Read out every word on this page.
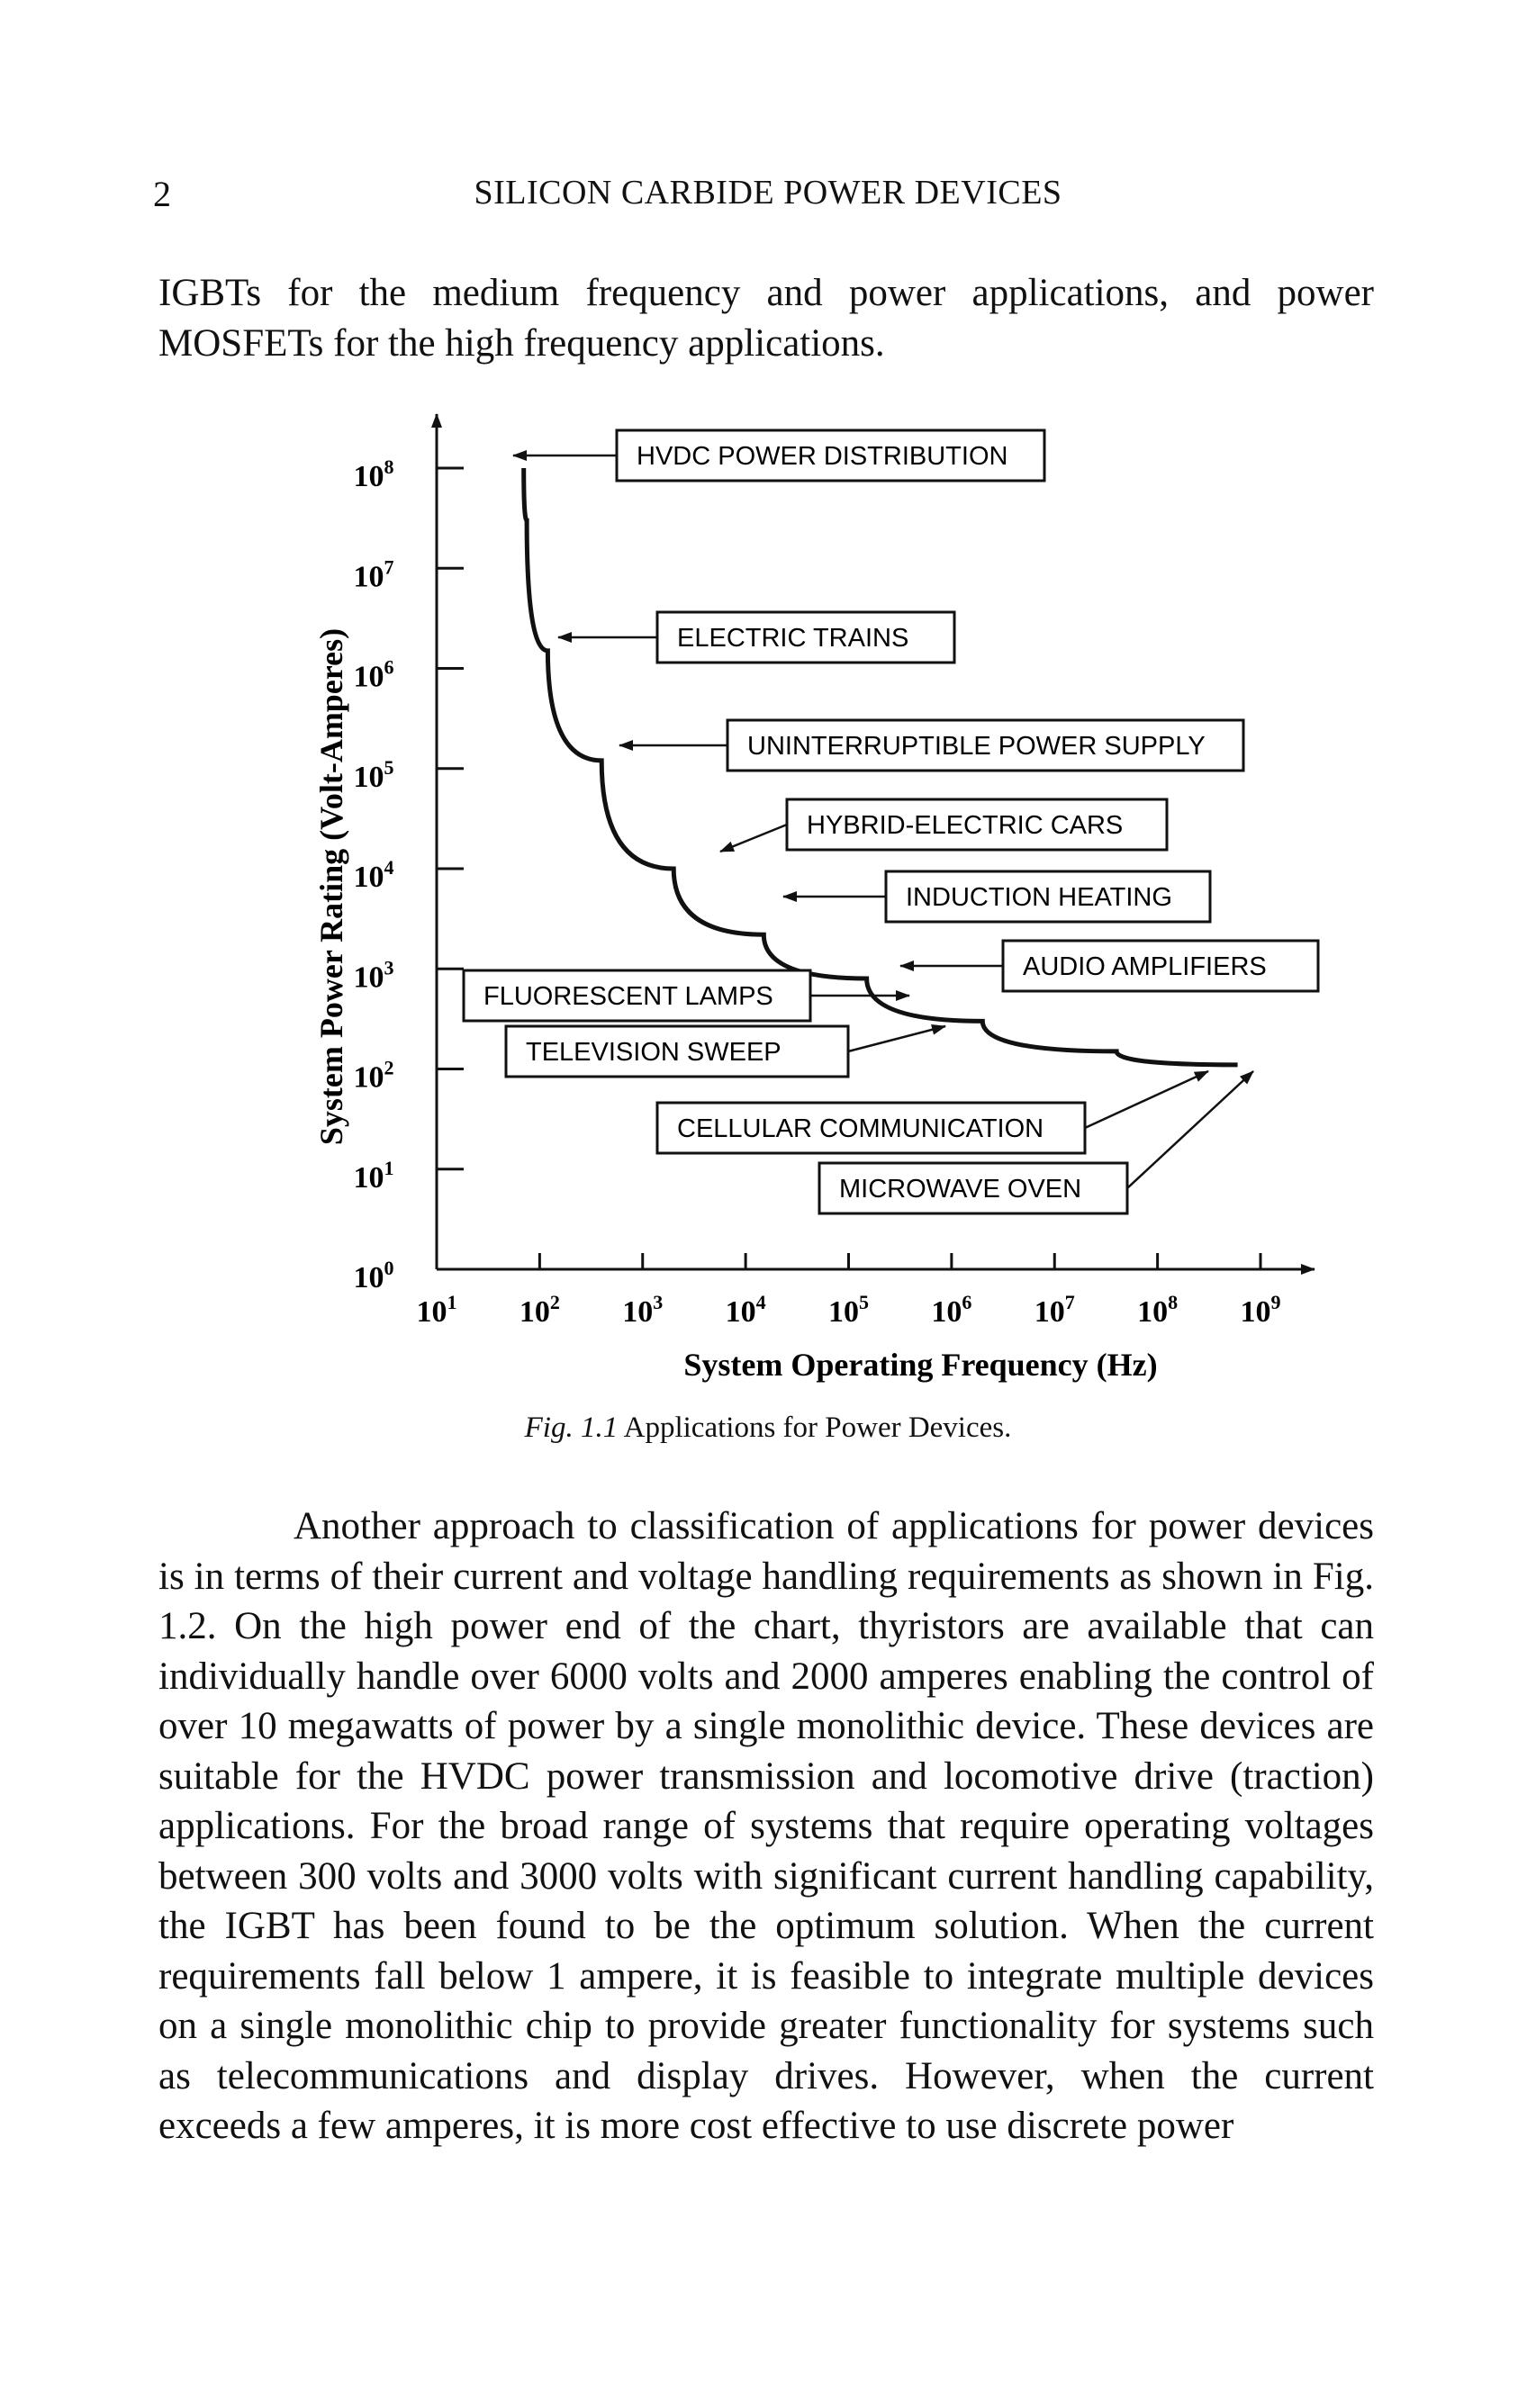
2	SILICON CARBIDE POWER DEVICES

IGBTs for the medium frequency and power applications, and power MOSFETs for the high frequency applications.

$10^1$ $10^2$ $10^3$ $10^4$ $10^5$ $10^6$ $10^7$ $10^8$ $10^9$
$10^0$
$10^1$
$10^2$
$10^3$
$10^4$
$10^5$
$10^6$
$10^7$
$10^8$	HVDC POWER DISTRIBUTION
ELECTRIC TRAINS
UNINTERRUPTIBLE POWER SUPPLY
HYBRID-ELECTRIC CARS
INDUCTION HEATING
AUDIO AMPLIFIERS
FLUORESCENT LAMPS
TELEVISION SWEEP
CELLULAR COMMUNICATION
MICROWAVE OVEN
System Operating Frequency (Hz)
System Power Rating (Volt-Amperes)
Fig. 1.1 Applications for Power Devices.

Another approach to classification of applications for power devices is in terms of their current and voltage handling requirements as shown in Fig. 1.2. On the high power end of the chart, thyristors are available that can individually handle over 6000 volts and 2000 amperes enabling the control of over 10 megawatts of power by a single monolithic device. These devices are suitable for the HVDC power transmission and locomotive drive (traction) applications. For the broad range of systems that require operating voltages between 300 volts and 3000 volts with significant current handling capability, the IGBT has been found to be the optimum solution. When the current requirements fall below 1 ampere, it is feasible to integrate multiple devices on a single monolithic chip to provide greater functionality for systems such as telecommunications and display drives. However, when the current exceeds a few amperes, it is more cost effective to use discrete power
